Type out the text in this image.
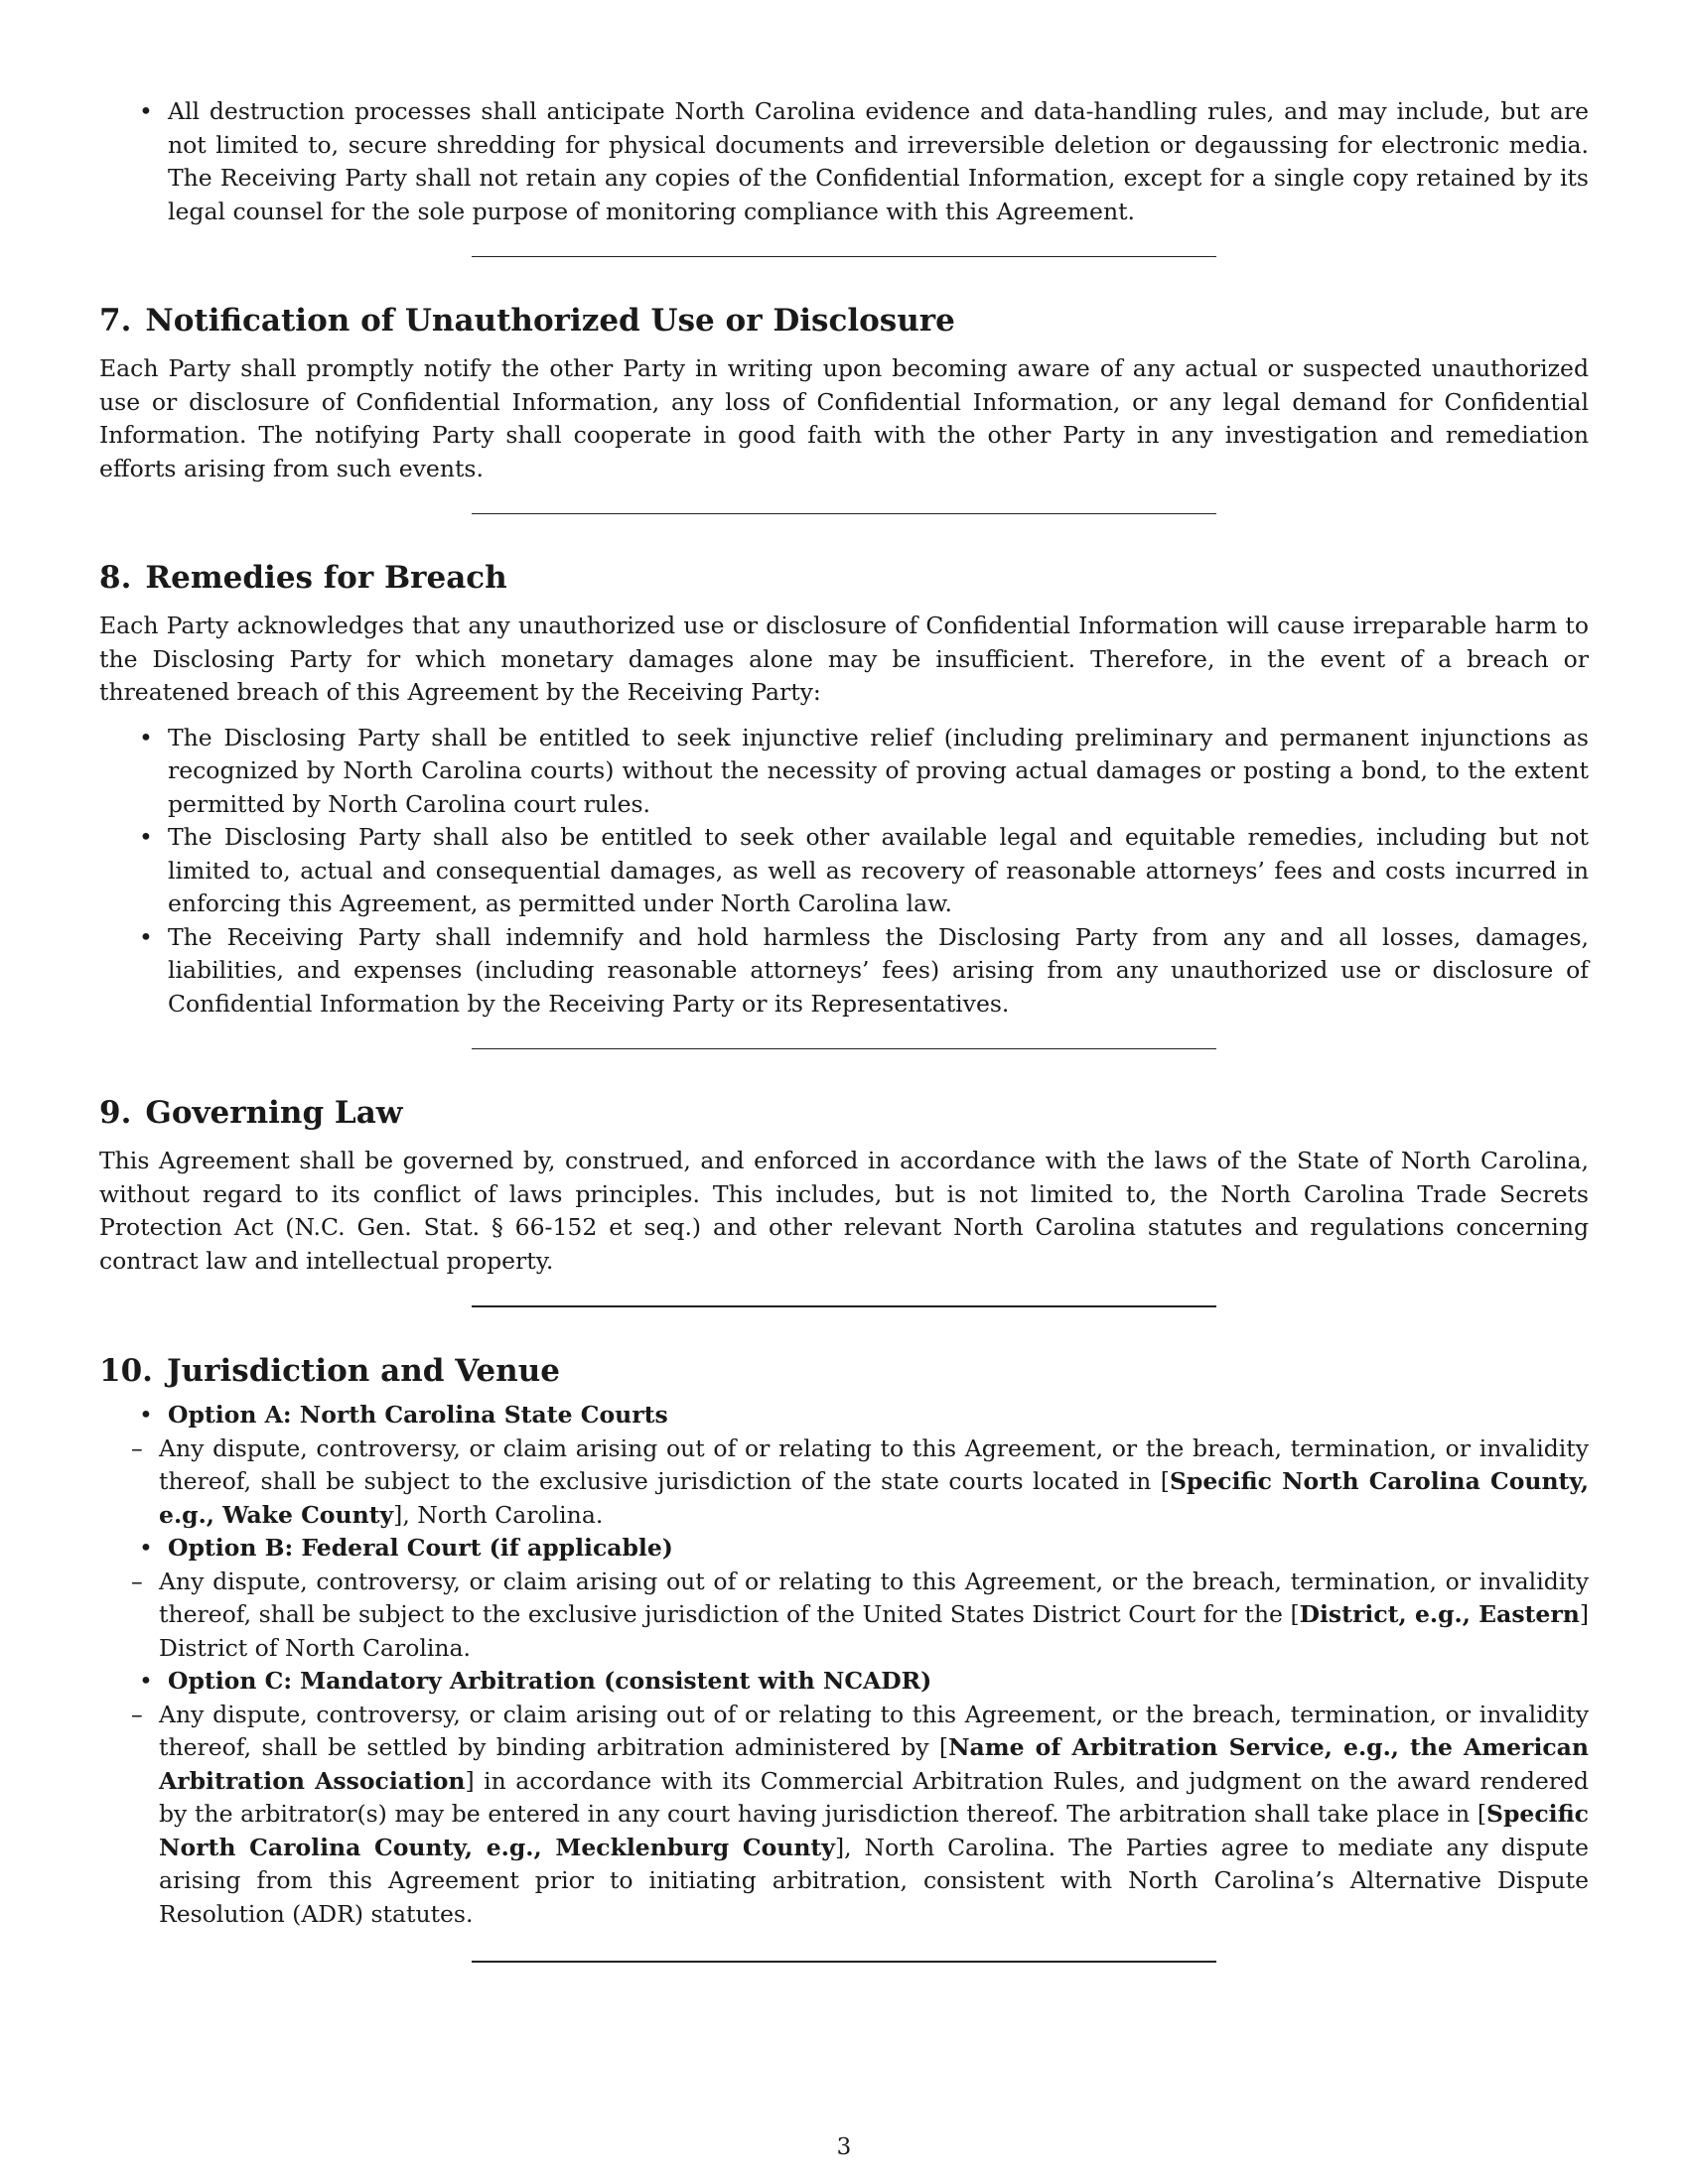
• All destruction processes shall anticipate North Carolina evidence and data-handling rules, and may include, but are not limited to, secure shredding for physical documents and irreversible deletion or degaussing for electronic media. The Receiving Party shall not retain any copies of the Confidential Information, except for a single copy retained by its legal counsel for the sole purpose of monitoring compliance with this Agreement.
7. Notification of Unauthorized Use or Disclosure

Each Party shall promptly notify the other Party in writing upon becoming aware of any actual or suspected unauthorized use or disclosure of Confidential Information, any loss of Confidential Information, or any legal demand for Confidential Information. The notifying Party shall cooperate in good faith with the other Party in any investigation and remediation efforts arising from such events.

8. Remedies for Breach

Each Party acknowledges that any unauthorized use or disclosure of Confidential Information will cause irreparable harm to the Disclosing Party for which monetary damages alone may be insufficient. Therefore, in the event of a breach or threatened breach of this Agreement by the Receiving Party:

• The Disclosing Party shall be entitled to seek injunctive relief (including preliminary and permanent injunctions as recognized by North Carolina courts) without the necessity of proving actual damages or posting a bond, to the extent permitted by North Carolina court rules.
• The Disclosing Party shall also be entitled to seek other available legal and equitable remedies, including but not limited to, actual and consequential damages, as well as recovery of reasonable attorneys’ fees and costs incurred in enforcing this Agreement, as permitted under North Carolina law.
• The Receiving Party shall indemnify and hold harmless the Disclosing Party from any and all losses, damages, liabilities, and expenses (including reasonable attorneys’ fees) arising from any unauthorized use or disclosure of Confidential Information by the Receiving Party or its Representatives.
9. Governing Law

This Agreement shall be governed by, construed, and enforced in accordance with the laws of the State of North Carolina, without regard to its conflict of laws principles. This includes, but is not limited to, the North Carolina Trade Secrets Protection Act (N.C. Gen. Stat. § 66-152 et seq.) and other relevant North Carolina statutes and regulations concerning contract law and intellectual property.

10. Jurisdiction and Venue
• Option A: North Carolina State Courts
– Any dispute, controversy, or claim arising out of or relating to this Agreement, or the breach, termination, or invalidity thereof, shall be subject to the exclusive jurisdiction of the state courts located in [Specific North Carolina County, e.g., Wake County], North Carolina.
• Option B: Federal Court (if applicable)
– Any dispute, controversy, or claim arising out of or relating to this Agreement, or the breach, termination, or invalidity thereof, shall be subject to the exclusive jurisdiction of the United States District Court for the [District, e.g., Eastern] District of North Carolina.
• Option C: Mandatory Arbitration (consistent with NCADR)
– Any dispute, controversy, or claim arising out of or relating to this Agreement, or the breach, termination, or invalidity thereof, shall be settled by binding arbitration administered by [Name of Arbitration Service, e.g., the American Arbitration Association] in accordance with its Commercial Arbitration Rules, and judgment on the award rendered by the arbitrator(s) may be entered in any court having jurisdiction thereof. The arbitration shall take place in [Specific North Carolina County, e.g., Mecklenburg County], North Carolina. The Parties agree to mediate any dispute arising from this Agreement prior to initiating arbitration, consistent with North Carolina’s Alternative Dispute Resolution (ADR) statutes.
3
